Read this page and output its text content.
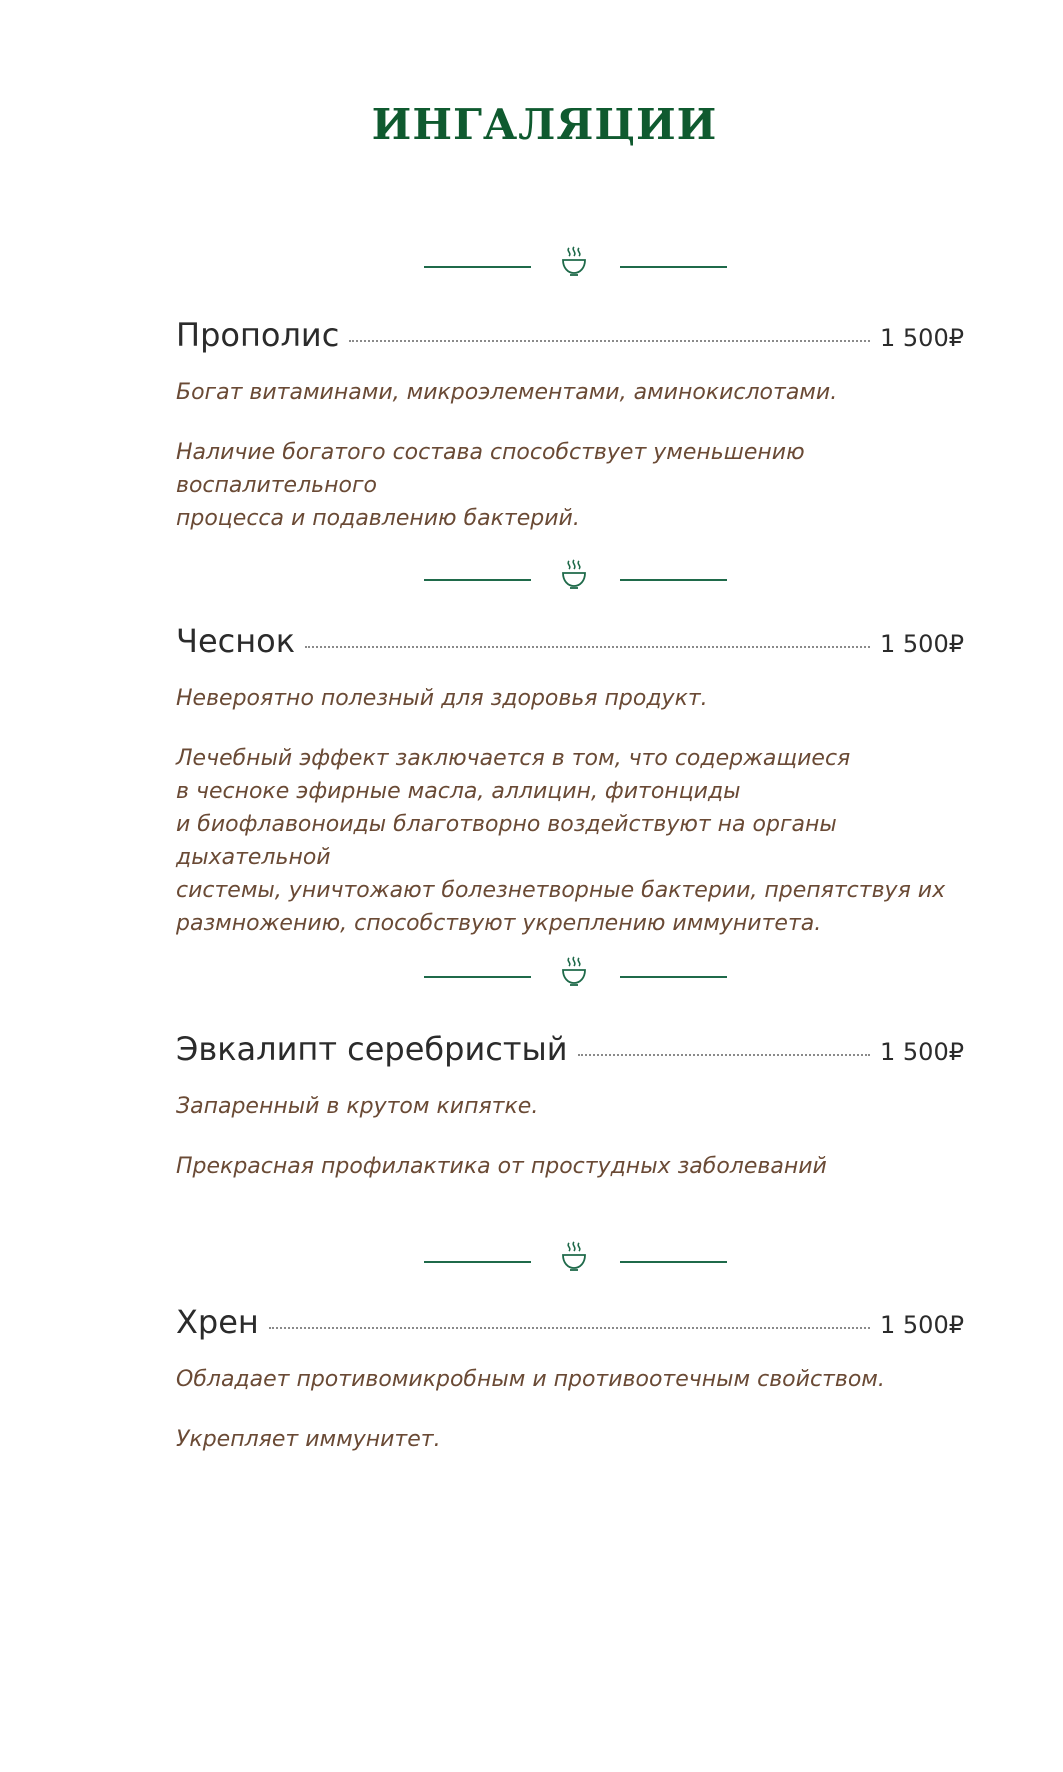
ИНГАЛЯЦИИ
Прополис	1 500₽

Богат витаминами, микроэлементами, аминокислотами.

Наличие богатого состава способствует уменьшению воспалительного

процесса и подавлению бактерий.

Чеснок	1 500₽

Невероятно полезный для здоровья продукт.

Лечебный эффект заключается в том, что содержащиеся

в чесноке эфирные масла, аллицин, фитонциды

и биофлавоноиды благотворно воздействуют на органы дыхательной

системы, уничтожают болезнетворные бактерии, препятствуя их

размножению, способствуют укреплению иммунитета.

Эвкалипт серебристый	1 500₽

Запаренный в крутом кипятке.

Прекрасная профилактика от простудных заболеваний

Хрен	1 500₽

Обладает противомикробным и противоотечным свойством.

Укрепляет иммунитет.
